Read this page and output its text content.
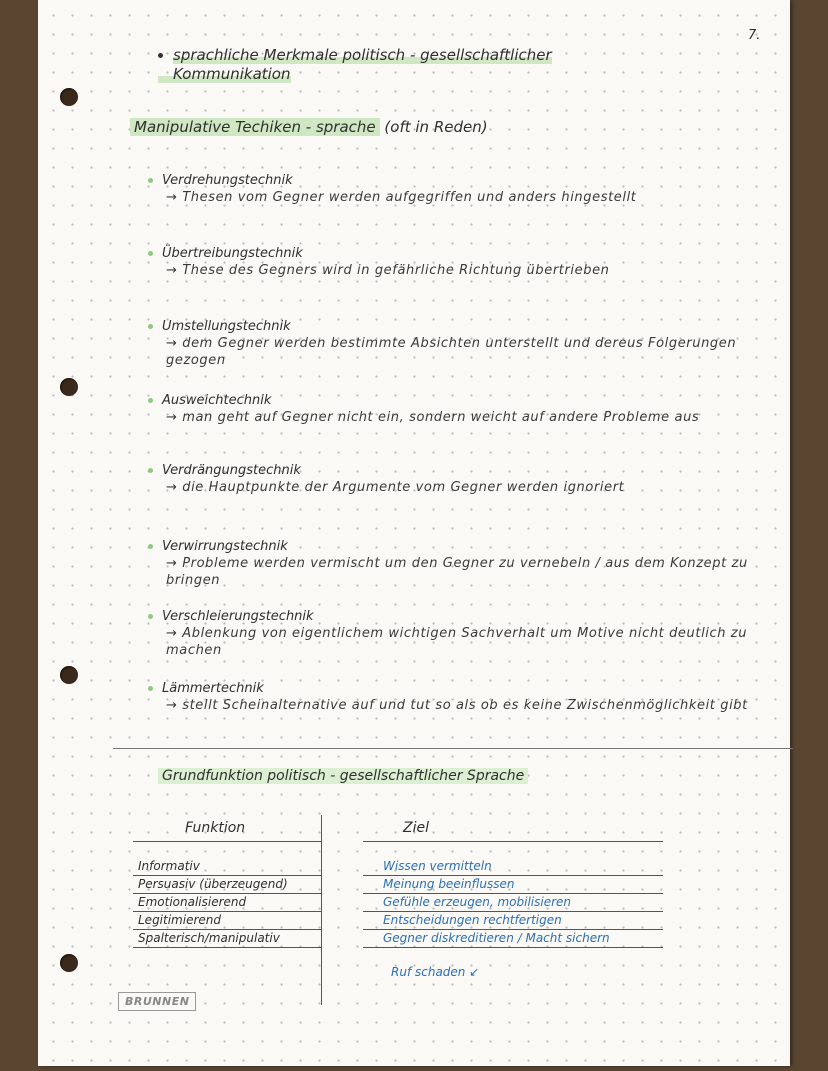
7.
sprachliche Merkmale politisch - gesellschaftlicher
Kommunikation
Manipulative Techiken - sprache (oft in Reden)
Verdrehungstechnik
→ Thesen vom Gegner werden aufgegriffen und anders hingestellt
Übertreibungstechnik
→ These des Gegners wird in gefährliche Richtung übertrieben
Umstellungstechnik
→ dem Gegner werden bestimmte Absichten unterstellt und dereus Folgerungen gezogen
Ausweichtechnik
→ man geht auf Gegner nicht ein, sondern weicht auf andere Probleme aus
Verdrängungstechnik
→ die Hauptpunkte der Argumente vom Gegner werden ignoriert
Verwirrungstechnik
→ Probleme werden vermischt um den Gegner zu vernebeln / aus dem Konzept zu bringen
Verschleierungstechnik
→ Ablenkung von eigentlichem wichtigen Sachverhalt um Motive nicht deutlich zu machen
Lämmertechnik
→ stellt Scheinalternative auf und tut so als ob es keine Zwischenmöglichkeit gibt
Grundfunktion politisch - gesellschaftlicher Sprache
Funktion	Ziel
Informativ	Wissen vermitteln
Persuasiv (überzeugend)	Meinung beeinflussen
Emotionalisierend	Gefühle erzeugen, mobilisieren
Legitimierend	Entscheidungen rechtfertigen
Spalterisch/manipulativ	Gegner diskreditieren / Macht sichern
Ruf schaden ↙
BRUNNEN
